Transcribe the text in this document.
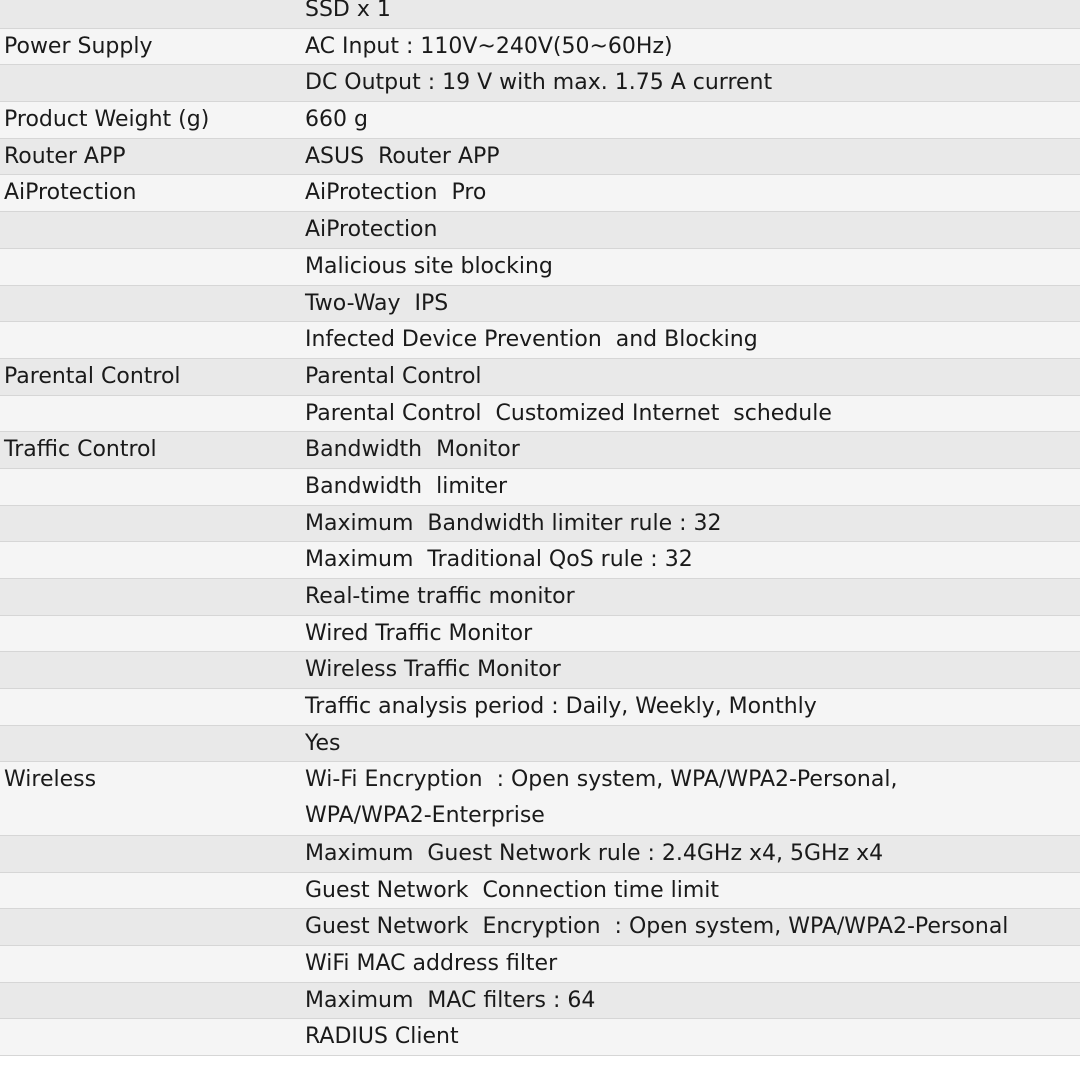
SSD x 1
Power Supply	AC Input : 110V~240V(50~60Hz)
DC Output : 19 V with max. 1.75 A current
Product Weight (g)	660 g
Router APP	ASUS  Router APP
AiProtection	AiProtection  Pro
AiProtection
Malicious site blocking
Two-Way  IPS
Infected Device Prevention  and Blocking
Parental Control	Parental Control
Parental Control  Customized Internet  schedule
Traffic Control	Bandwidth  Monitor
Bandwidth  limiter
Maximum  Bandwidth limiter rule : 32
Maximum  Traditional QoS rule : 32
Real-time traffic monitor
Wired Traffic Monitor
Wireless Traffic Monitor
Traffic analysis period : Daily, Weekly, Monthly
Yes
Wireless	Wi-Fi Encryption  : Open system, WPA/WPA2-Personal,
WPA/WPA2-Enterprise
Maximum  Guest Network rule : 2.4GHz x4, 5GHz x4
Guest Network  Connection time limit
Guest Network  Encryption  : Open system, WPA/WPA2-Personal
WiFi MAC address filter
Maximum  MAC filters : 64
RADIUS Client
